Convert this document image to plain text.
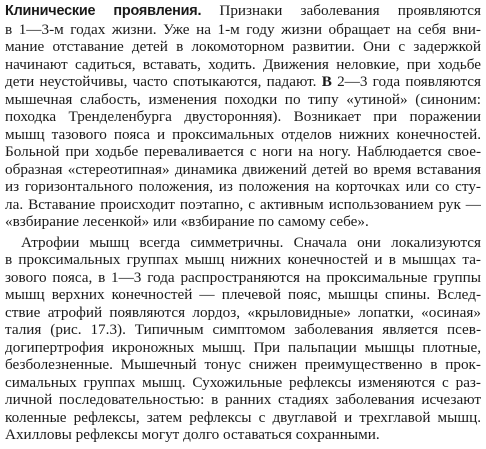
Клинические проявления. Признаки заболевания проявляются
в 1—3-м годах жизни. Уже на 1-м году жизни обращает на себя вни-
мание отставание детей в локомоторном развитии. Они с задержкой
начинают садиться, вставать, ходить. Движения неловкие, при ходьбе
дети неустойчивы, часто спотыкаются, падают. В 2—3 года появляются
мышечная слабость, изменения походки по типу «утиной» (синоним:
походка Тренделенбурга двусторонняя). Возникает при поражении
мышц тазового пояса и проксимальных отделов нижних конечностей.
Больной при ходьбе переваливается с ноги на ногу. Наблюдается свое-
образная «стереотипная» динамика движений детей во время вставания
из горизонтального положения, из положения на корточках или со сту-
ла. Вставание происходит поэтапно, с активным использованием рук —
«взбирание лесенкой» или «взбирание по самому себе».

Атрофии мышц всегда симметричны. Сначала они локализуются
в проксимальных группах мышц нижних конечностей и в мышцах та-
зового пояса, в 1—3 года распространяются на проксимальные группы
мышц верхних конечностей — плечевой пояс, мышцы спины. Вслед-
ствие атрофий появляются лордоз, «крыловидные» лопатки, «осиная»
талия (рис. 17.3). Типичным симптомом заболевания является псев-
догипертрофия икроножных мышц. При пальпации мышцы плотные,
безболезненные. Мышечный тонус снижен преимущественно в прок-
симальных группах мышц. Сухожильные рефлексы изменяются с раз-
личной последовательностью: в ранних стадиях заболевания исчезают
коленные рефлексы, затем рефлексы с двуглавой и трехглавой мышц.
Ахилловы рефлексы могут долго оставаться сохранными.
